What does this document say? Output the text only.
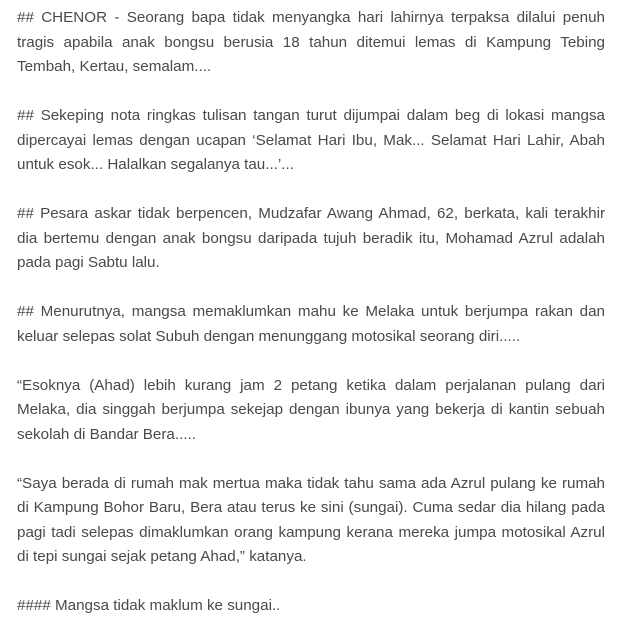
## CHENOR - Seorang bapa tidak menyangka hari lahirnya terpaksa dilalui penuh tragis apabila anak bongsu berusia 18 tahun ditemui lemas di Kampung Tebing Tembah, Kertau, semalam....

## Sekeping nota ringkas tulisan tangan turut dijumpai dalam beg di lokasi mangsa dipercayai lemas dengan ucapan ‘Selamat Hari Ibu, Mak... Selamat Hari Lahir, Abah untuk esok... Halalkan segalanya tau...’...

## Pesara askar tidak berpencen, Mudzafar Awang Ahmad, 62, berkata, kali terakhir dia bertemu dengan anak bongsu daripada tujuh beradik itu, Mohamad Azrul adalah pada pagi Sabtu lalu.

## Menurutnya, mangsa memaklumkan mahu ke Melaka untuk berjumpa rakan dan keluar selepas solat Subuh dengan menunggang motosikal seorang diri.....

“Esoknya (Ahad) lebih kurang jam 2 petang ketika dalam perjalanan pulang dari Melaka, dia singgah berjumpa sekejap dengan ibunya yang bekerja di kantin sebuah sekolah di Bandar Bera.....

“Saya berada di rumah mak mertua maka tidak tahu sama ada Azrul pulang ke rumah di Kampung Bohor Baru, Bera atau terus ke sini (sungai). Cuma sedar dia hilang pada pagi tadi selepas dimaklumkan orang kampung kerana mereka jumpa motosikal Azrul di tepi sungai sejak petang Ahad,” katanya.

#### Mangsa tidak maklum ke sungai..
